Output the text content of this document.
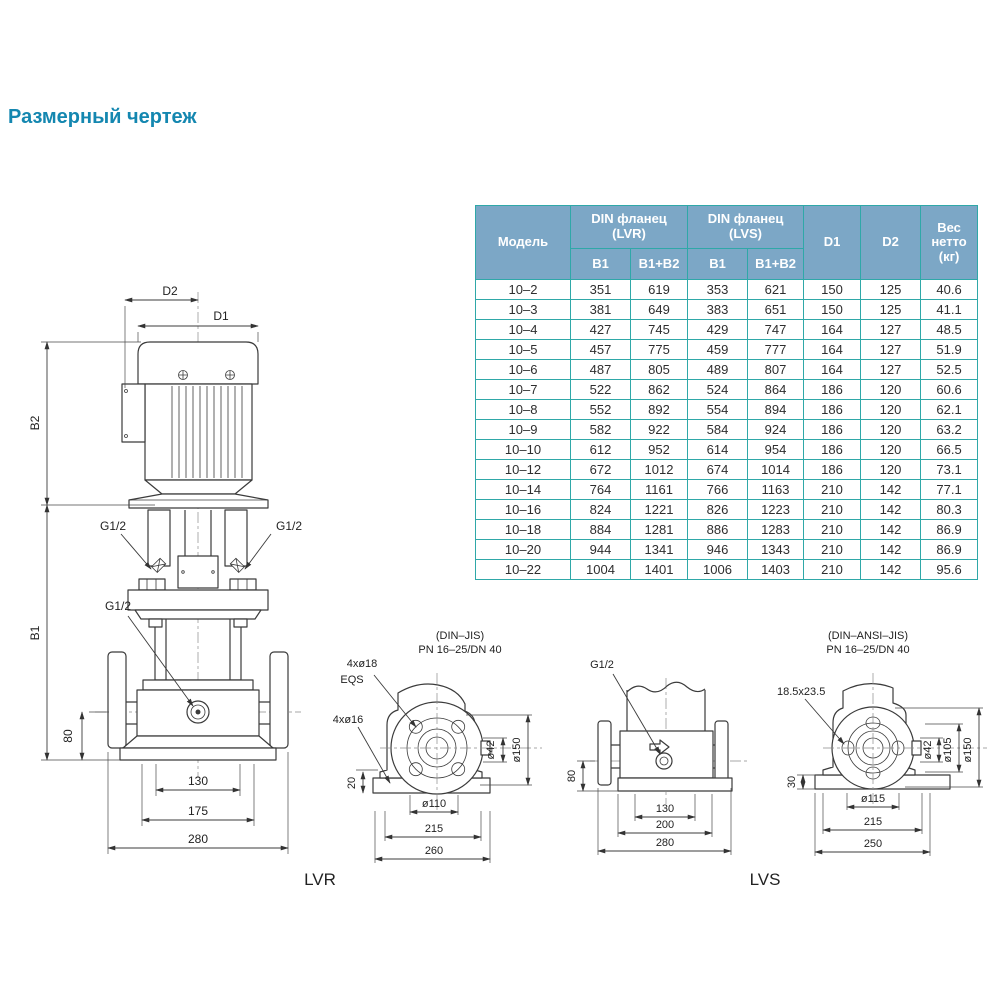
Размерный чертеж
Модель	DIN фланец (LVR)		DIN фланец (LVS)		D1	D2	Вес нетто (кг)
	B1	B1+B2	B1	B1+B2			
10–2	351	619	353	621	150	125	40.6
10–3	381	649	383	651	150	125	41.1
10–4	427	745	429	747	164	127	48.5
10–5	457	775	459	777	164	127	51.9
10–6	487	805	489	807	164	127	52.5
10–7	522	862	524	864	186	120	60.6
10–8	552	892	554	894	186	120	62.1
10–9	582	922	584	924	186	120	63.2
10–10	612	952	614	954	186	120	66.5
10–12	672	1012	674	1014	186	120	73.1
10–14	764	1161	766	1163	210	142	77.1
10–16	824	1221	826	1223	210	142	80.3
10–18	884	1281	886	1283	210	142	86.9
10–20	944	1341	946	1343	210	142	86.9
10–22	1004	1401	1006	1403	210	142	95.6
D2
D1
B2
B1
G1/2	G1/2
G1/2
80
130
175
280
(DIN–JIS)
PN 16–25/DN 40
4xø18
EQS
4xø16
20
ø110
215
260
ø42 ø150
G1/2
80
130
200
280
(DIN–ANSI–JIS)
PN 16–25/DN 40
18.5x23.5
30
ø115
215
250
ø42 ø105 ø150
LVR	LVS
